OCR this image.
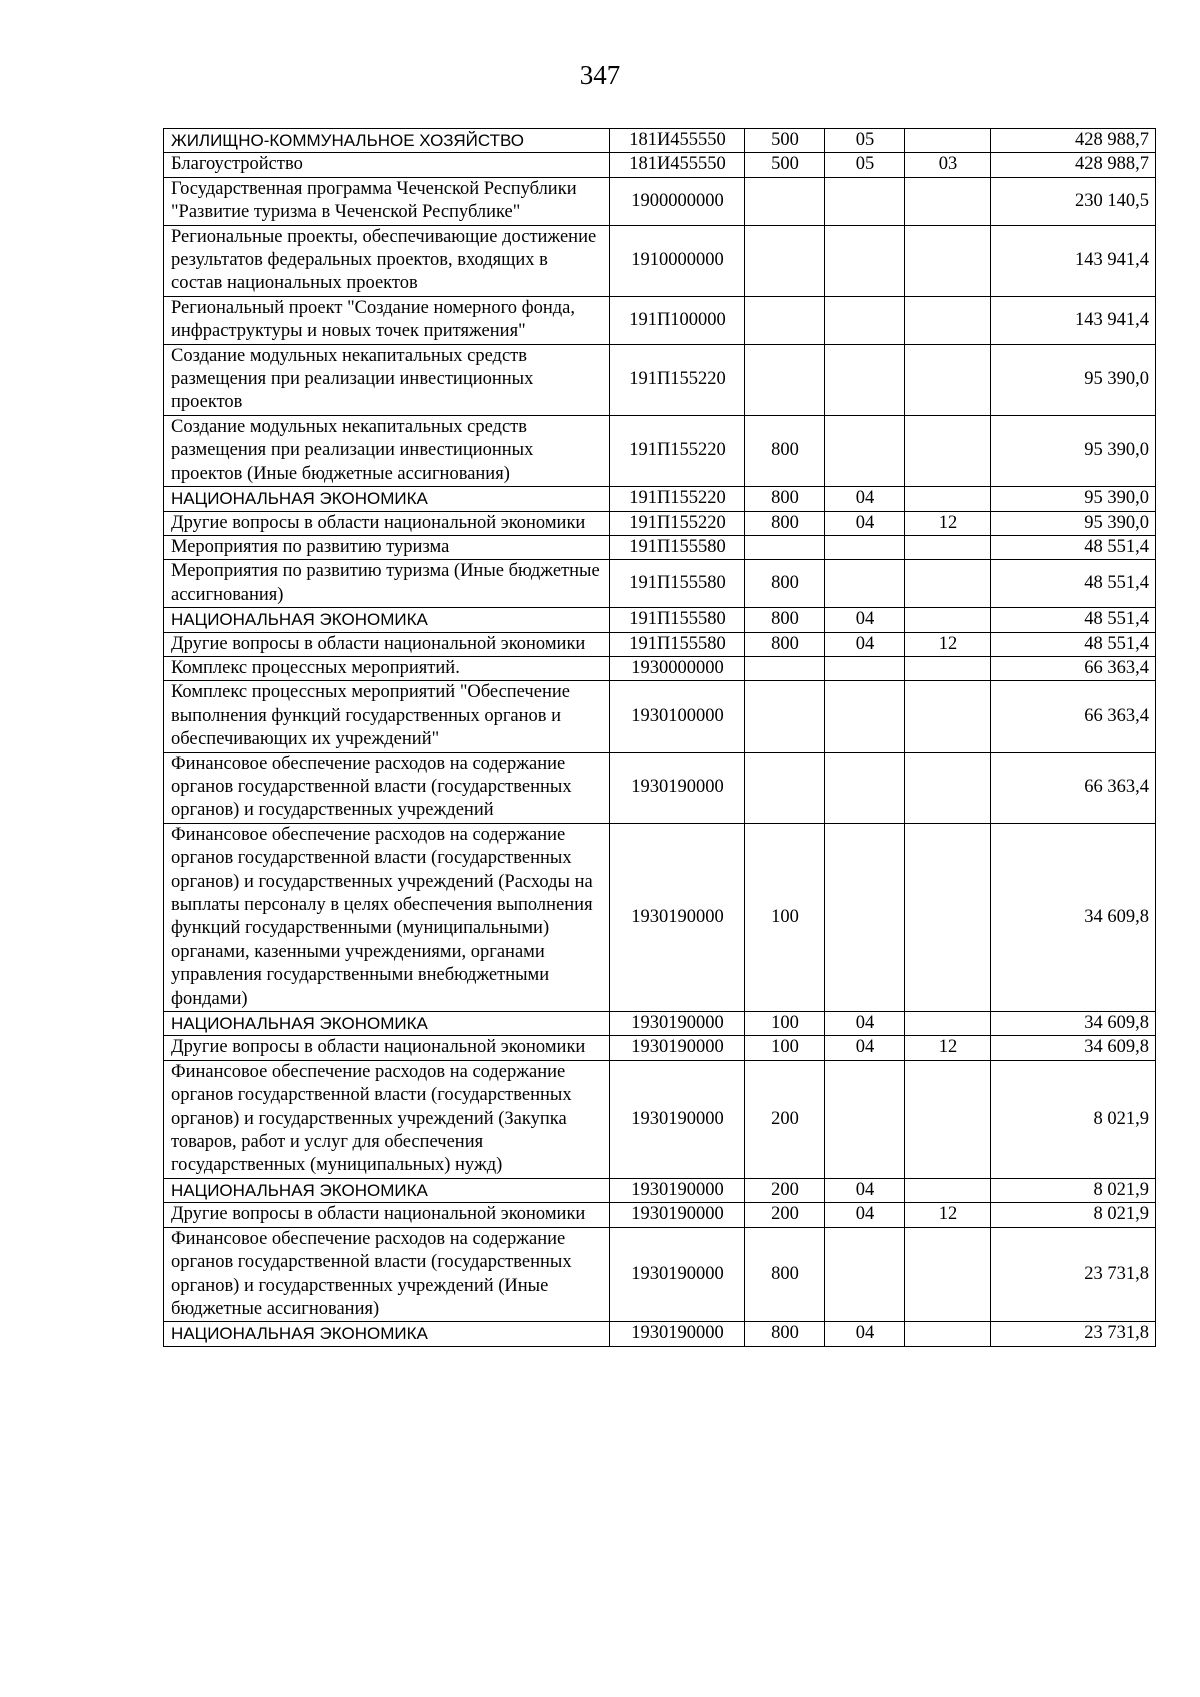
347
ЖИЛИЩНО-КОММУНАЛЬНОЕ ХОЗЯЙСТВО	181И455550	500	05		428 988,7
Благоустройство	181И455550	500	05	03	428 988,7
Государственная программа Чеченской Республики "Развитие туризма в Чеченской Республике"	1900000000				230 140,5
Региональные проекты, обеспечивающие достижение результатов федеральных проектов, входящих в состав национальных проектов	1910000000				143 941,4
Региональный проект "Создание номерного фонда, инфраструктуры и новых точек притяжения"	191П100000				143 941,4
Создание модульных некапитальных средств размещения при реализации инвестиционных проектов	191П155220				95 390,0
Создание модульных некапитальных средств размещения при реализации инвестиционных проектов (Иные бюджетные ассигнования)	191П155220	800			95 390,0
НАЦИОНАЛЬНАЯ ЭКОНОМИКА	191П155220	800	04		95 390,0
Другие вопросы в области национальной экономики	191П155220	800	04	12	95 390,0
Мероприятия по развитию туризма	191П155580				48 551,4
Мероприятия по развитию туризма (Иные бюджетные ассигнования)	191П155580	800			48 551,4
НАЦИОНАЛЬНАЯ ЭКОНОМИКА	191П155580	800	04		48 551,4
Другие вопросы в области национальной экономики	191П155580	800	04	12	48 551,4
Комплекс процессных мероприятий.	1930000000				66 363,4
Комплекс процессных мероприятий "Обеспечение выполнения функций государственных органов и обеспечивающих их учреждений"	1930100000				66 363,4
Финансовое обеспечение расходов на содержание органов государственной власти (государственных органов) и государственных учреждений	1930190000				66 363,4
Финансовое обеспечение расходов на содержание органов государственной власти (государственных органов) и государственных учреждений (Расходы на выплаты персоналу в целях обеспечения выполнения функций государственными (муниципальными) органами, казенными учреждениями, органами управления государственными внебюджетными фондами)	1930190000	100			34 609,8
НАЦИОНАЛЬНАЯ ЭКОНОМИКА	1930190000	100	04		34 609,8
Другие вопросы в области национальной экономики	1930190000	100	04	12	34 609,8
Финансовое обеспечение расходов на содержание органов государственной власти (государственных органов) и государственных учреждений (Закупка товаров, работ и услуг для обеспечения государственных (муниципальных) нужд)	1930190000	200			8 021,9
НАЦИОНАЛЬНАЯ ЭКОНОМИКА	1930190000	200	04		8 021,9
Другие вопросы в области национальной экономики	1930190000	200	04	12	8 021,9
Финансовое обеспечение расходов на содержание органов государственной власти (государственных органов) и государственных учреждений (Иные бюджетные ассигнования)	1930190000	800			23 731,8
НАЦИОНАЛЬНАЯ ЭКОНОМИКА	1930190000	800	04		23 731,8
